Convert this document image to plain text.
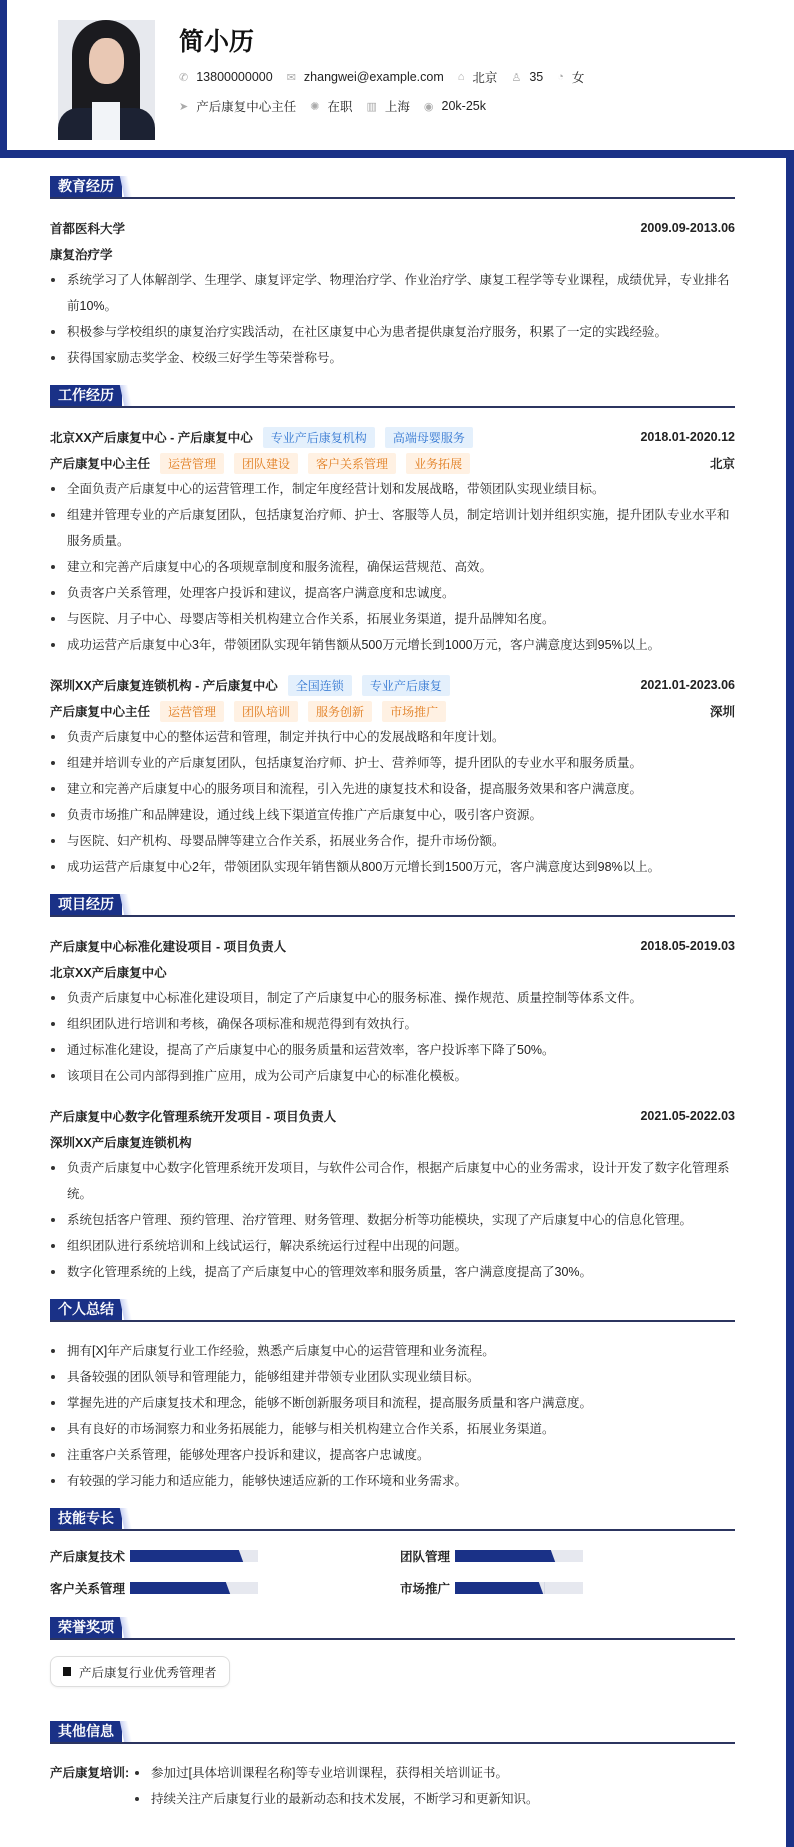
简小历
✆ 13800000000 ✉ zhangwei@example.com ⌂ 北京 ♙ 35 ◔ 女
➤ 产后康复中心主任 ✺ 在职 ▥ 上海 ◉ 20k-25k
教育经历
首都医科大学	2009.09-2013.06
康复治疗学
系统学习了人体解剖学、生理学、康复评定学、物理治疗学、作业治疗学、康复工程学等专业课程，成绩优异，专业排名前10%。
积极参与学校组织的康复治疗实践活动，在社区康复中心为患者提供康复治疗服务，积累了一定的实践经验。
获得国家励志奖学金、校级三好学生等荣誉称号。
工作经历
北京XX产后康复中心 - 产后康复中心	专业产后康复机构	高端母婴服务	2018.01-2020.12
产后康复中心主任	运营管理	团队建设	客户关系管理	业务拓展	北京
全面负责产后康复中心的运营管理工作，制定年度经营计划和发展战略，带领团队实现业绩目标。
组建并管理专业的产后康复团队，包括康复治疗师、护士、客服等人员，制定培训计划并组织实施，提升团队专业水平和服务质量。
建立和完善产后康复中心的各项规章制度和服务流程，确保运营规范、高效。
负责客户关系管理，处理客户投诉和建议，提高客户满意度和忠诚度。
与医院、月子中心、母婴店等相关机构建立合作关系，拓展业务渠道，提升品牌知名度。
成功运营产后康复中心3年，带领团队实现年销售额从500万元增长到1000万元，客户满意度达到95%以上。
深圳XX产后康复连锁机构 - 产后康复中心	全国连锁	专业产后康复	2021.01-2023.06
产后康复中心主任	运营管理	团队培训	服务创新	市场推广	深圳
负责产后康复中心的整体运营和管理，制定并执行中心的发展战略和年度计划。
组建并培训专业的产后康复团队，包括康复治疗师、护士、营养师等，提升团队的专业水平和服务质量。
建立和完善产后康复中心的服务项目和流程，引入先进的康复技术和设备，提高服务效果和客户满意度。
负责市场推广和品牌建设，通过线上线下渠道宣传推广产后康复中心，吸引客户资源。
与医院、妇产机构、母婴品牌等建立合作关系，拓展业务合作，提升市场份额。
成功运营产后康复中心2年，带领团队实现年销售额从800万元增长到1500万元，客户满意度达到98%以上。
项目经历
产后康复中心标准化建设项目 - 项目负责人	2018.05-2019.03
北京XX产后康复中心
负责产后康复中心标准化建设项目，制定了产后康复中心的服务标准、操作规范、质量控制等体系文件。
组织团队进行培训和考核，确保各项标准和规范得到有效执行。
通过标准化建设，提高了产后康复中心的服务质量和运营效率，客户投诉率下降了50%。
该项目在公司内部得到推广应用，成为公司产后康复中心的标准化模板。
产后康复中心数字化管理系统开发项目 - 项目负责人	2021.05-2022.03
深圳XX产后康复连锁机构
负责产后康复中心数字化管理系统开发项目，与软件公司合作，根据产后康复中心的业务需求，设计开发了数字化管理系统。
系统包括客户管理、预约管理、治疗管理、财务管理、数据分析等功能模块，实现了产后康复中心的信息化管理。
组织团队进行系统培训和上线试运行，解决系统运行过程中出现的问题。
数字化管理系统的上线，提高了产后康复中心的管理效率和服务质量，客户满意度提高了30%。
个人总结
拥有[X]年产后康复行业工作经验，熟悉产后康复中心的运营管理和业务流程。
具备较强的团队领导和管理能力，能够组建并带领专业团队实现业绩目标。
掌握先进的产后康复技术和理念，能够不断创新服务项目和流程，提高服务质量和客户满意度。
具有良好的市场洞察力和业务拓展能力，能够与相关机构建立合作关系，拓展业务渠道。
注重客户关系管理，能够处理客户投诉和建议，提高客户忠诚度。
有较强的学习能力和适应能力，能够快速适应新的工作环境和业务需求。
技能专长
产后康复技术	团队管理
客户关系管理	市场推广
荣誉奖项
产后康复行业优秀管理者
其他信息
产后康复培训:	参加过[具体培训课程名称]等专业培训课程，获得相关培训证书。
持续关注产后康复行业的最新动态和技术发展，不断学习和更新知识。
